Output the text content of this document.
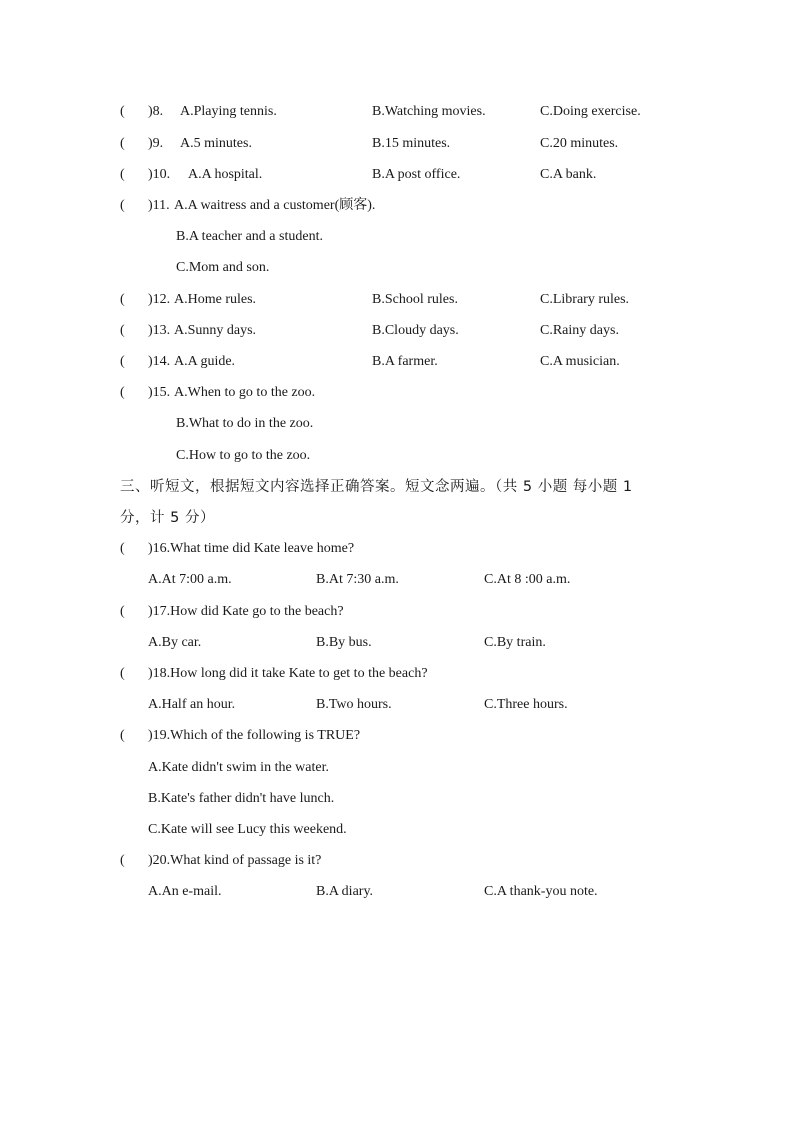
( )8. A.Playing tennis.	B.Watching movies.	C.Doing exercise.
( )9. A.5 minutes.	B.15 minutes.	C.20 minutes.
( )10. A.A hospital.	B.A post office.	C.A bank.
( )11. A.A waitress and a customer(顾客).
B.A teacher and a student.
C.Mom and son.
( )12. A.Home rules.	B.School rules.	C.Library rules.
( )13. A.Sunny days.	B.Cloudy days.	C.Rainy days.
( )14. A.A guide.	B.A farmer.	C.A musician.
( )15. A.When to go to the zoo.
B.What to do in the zoo.
C.How to go to the zoo.
三、听短文，根据短文内容选择正确答案。短文念两遍。（共 5 小题 每小题 1
分，计 5 分）
( )16.What time did Kate leave home?
A.At 7:00 a.m.	B.At 7:30 a.m.	C.At 8 :00 a.m.
( )17.How did Kate go to the beach?
A.By car.	B.By bus.	C.By train.
( )18.How long did it take Kate to get to the beach?
A.Half an hour.	B.Two hours.	C.Three hours.
( )19.Which of the following is TRUE?
A.Kate didn't swim in the water.
B.Kate's father didn't have lunch.
C.Kate will see Lucy this weekend.
( )20.What kind of passage is it?
A.An e-mail.	B.A diary.	C.A thank-you note.
